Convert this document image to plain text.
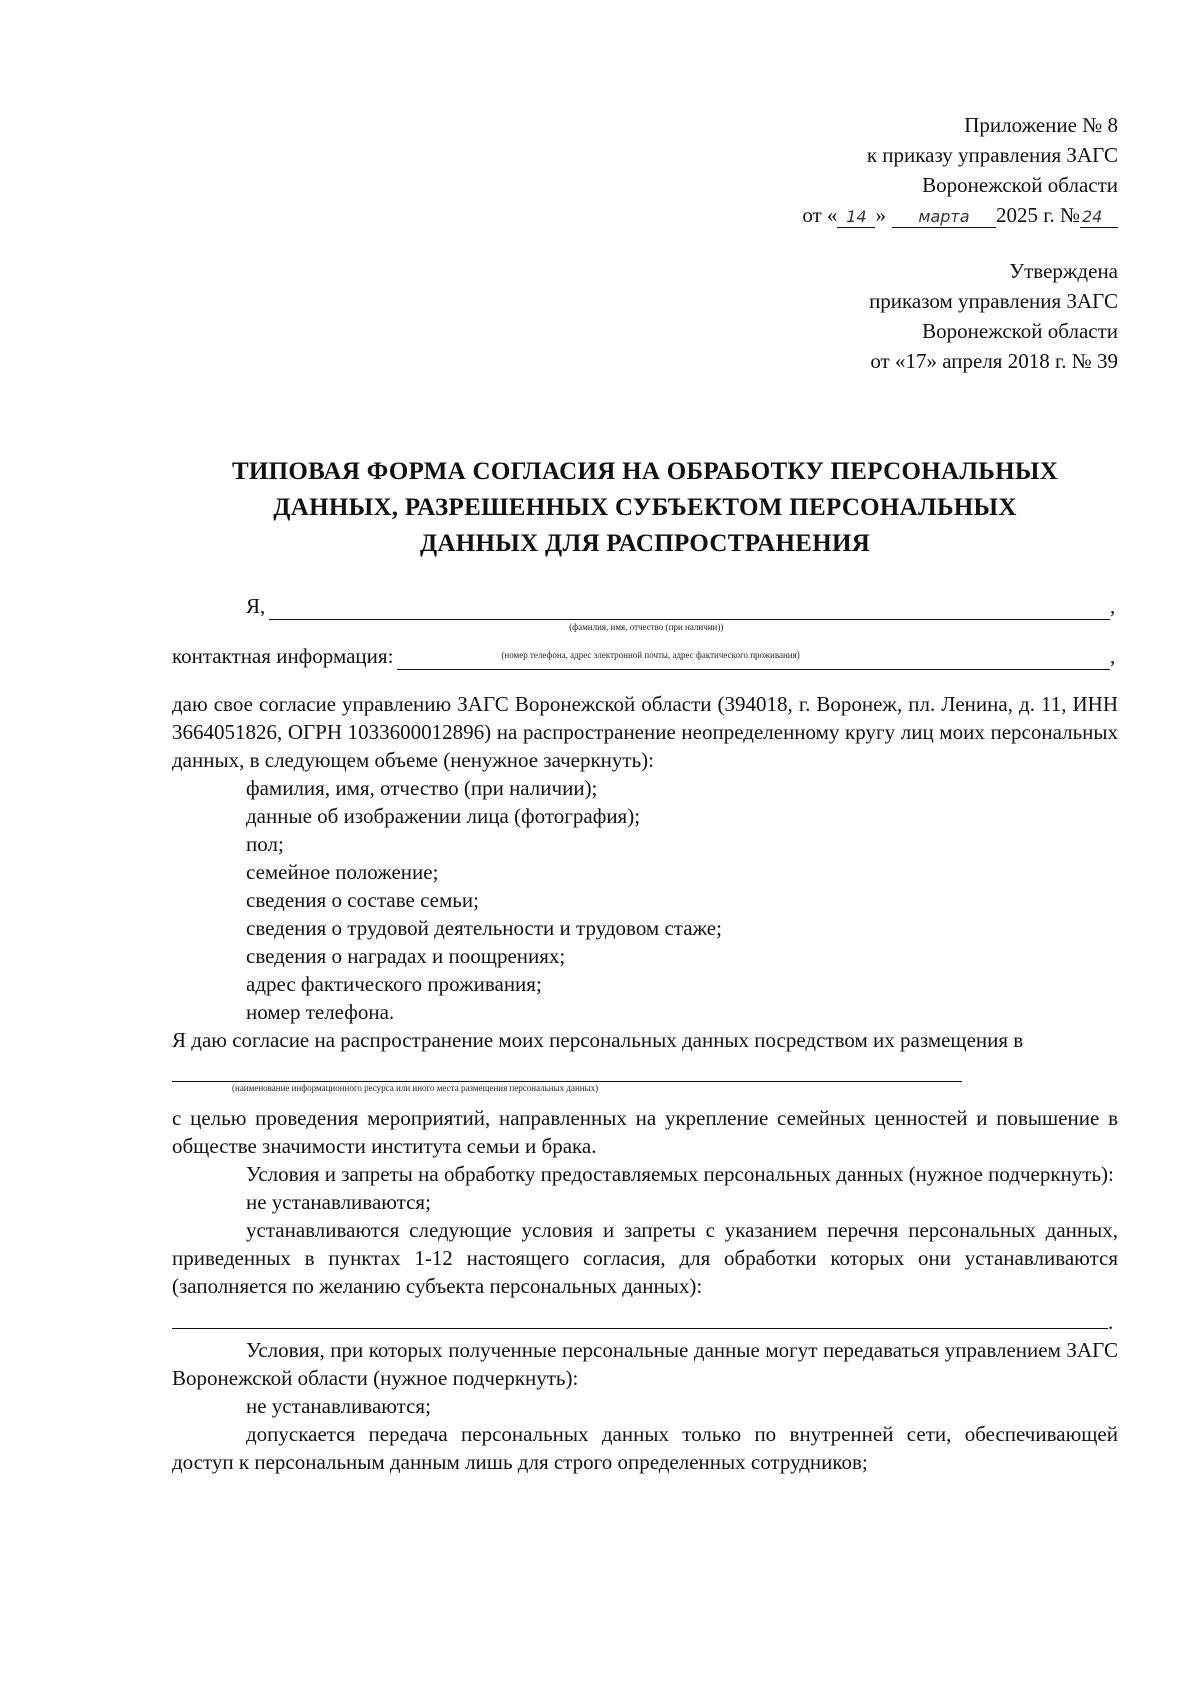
Приложение № 8
к приказу управления ЗАГС
Воронежской области
от « 14 » марта 2025 г. № 24
Утверждена
приказом управления ЗАГС
Воронежской области
от «17» апреля 2018 г. № 39
ТИПОВАЯ ФОРМА СОГЛАСИЯ НА ОБРАБОТКУ ПЕРСОНАЛЬНЫХ
ДАННЫХ, РАЗРЕШЕННЫХ СУБЪЕКТОМ ПЕРСОНАЛЬНЫХ
ДАННЫХ ДЛЯ РАСПРОСТРАНЕНИЯ
Я,
(фамилия, имя, отчество (при наличии))
,
контактная информация:	(номер телефона, адрес электронной почты, адрес фактического проживания)	,

даю свое согласие управлению ЗАГС Воронежской области (394018, г. Воронеж, пл. Ленина, д. 11, ИНН 3664051826, ОГРН 1033600012896) на распространение неопределенному кругу лиц моих персональных данных, в следующем объеме (ненужное зачеркнуть):

фамилия, имя, отчество (при наличии);
данные об изображении лица (фотография);
пол;
семейное положение;
сведения о составе семьи;
сведения о трудовой деятельности и трудовом стаже;
сведения о наградах и поощрениях;
адрес фактического проживания;
номер телефона.

Я даю согласие на распространение моих персональных данных посредством их размещения в

(наименование информационного ресурса или иного места размещения персональных данных)

с целью проведения мероприятий, направленных на укрепление семейных ценностей и повышение в обществе значимости института семьи и брака.

Условия и запреты на обработку предоставляемых персональных данных (нужное подчеркнуть):

не устанавливаются;

устанавливаются следующие условия и запреты с указанием перечня персональных данных, приведенных в пунктах 1-12 настоящего согласия, для обработки которых они устанавливаются (заполняется по желанию субъекта персональных данных):

.

Условия, при которых полученные персональные данные могут передаваться управлением ЗАГС Воронежской области (нужное подчеркнуть):

не устанавливаются;

допускается передача персональных данных только по внутренней сети, обеспечивающей доступ к персональным данным лишь для строго определенных сотрудников;
